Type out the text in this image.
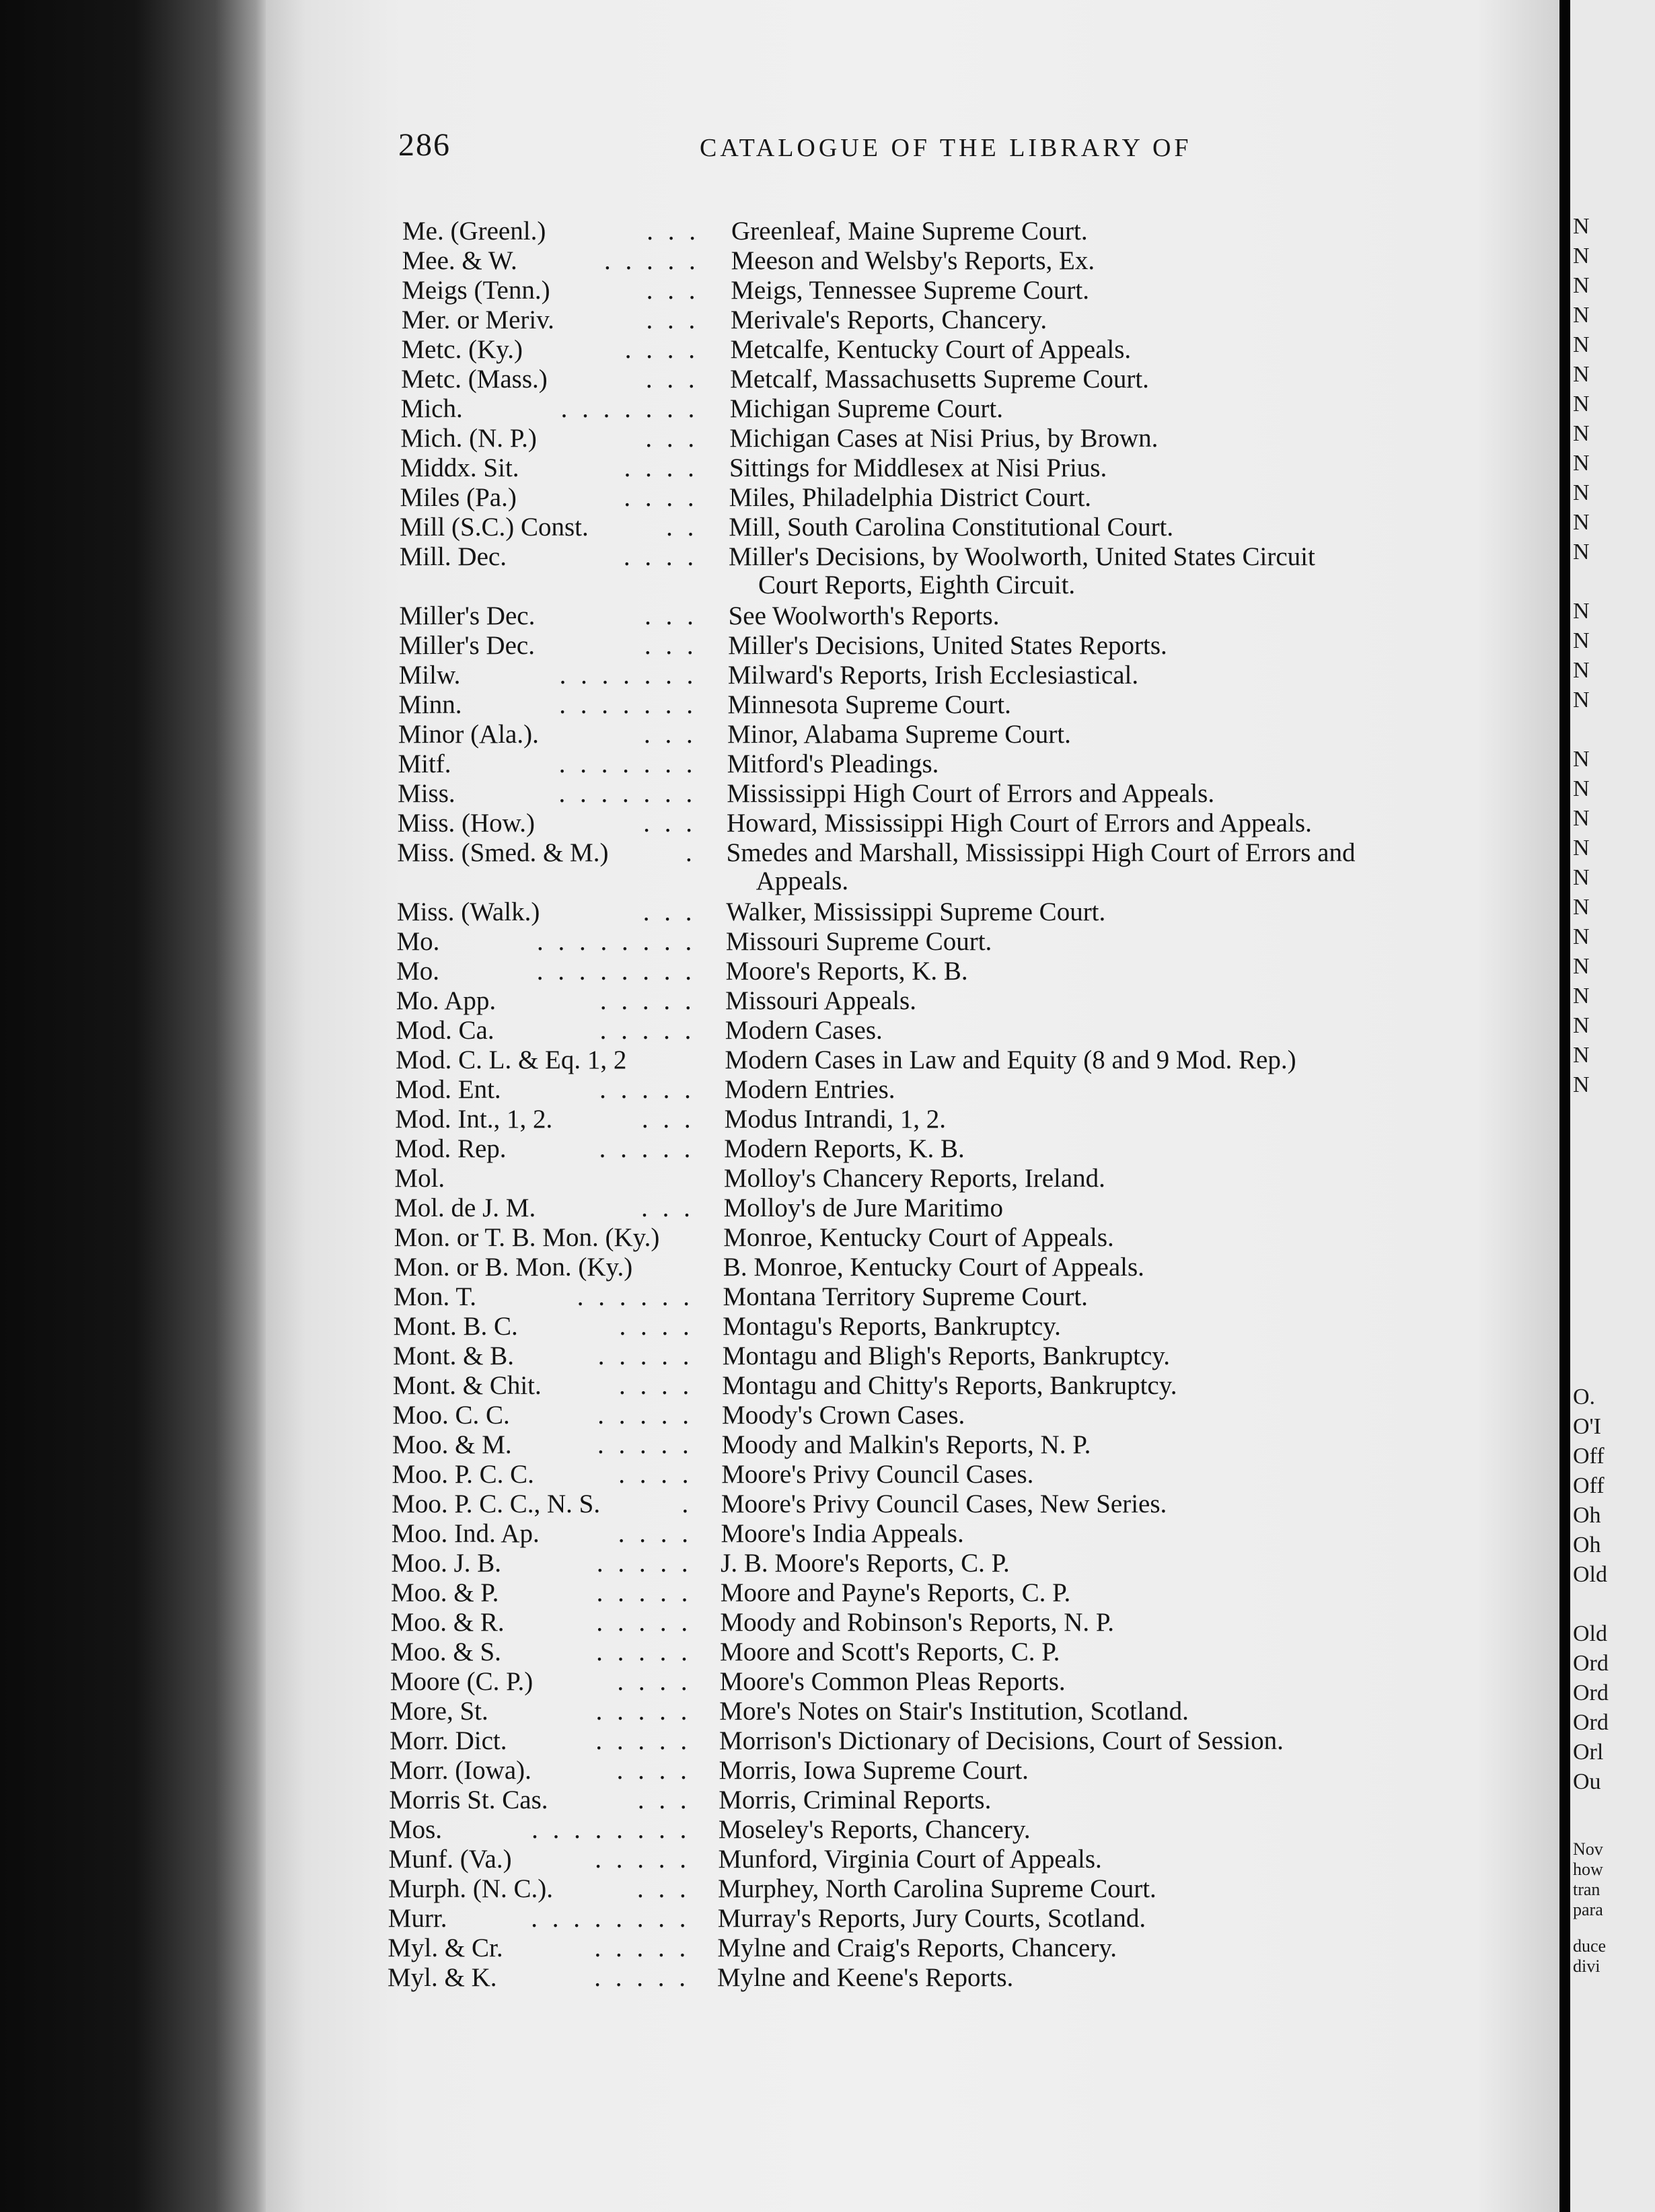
N
N
N
N
N
N
N
N
N
N
N
N
N
N
N
N
N
N
N
N
N
N
N
N
N
N
N
N
O.
O'I
Off
Off
Oh
Oh
Old
Old
Ord
Ord
Ord
Orl
Ou
Nov
how
tran
para
duce
divi
286	CATALOGUE OF THE LIBRARY OF
Me. (Greenl.)	. . . Greenleaf, Maine Supreme Court.
Mee. & W.	. . . . . Meeson and Welsby's Reports, Ex.
Meigs (Tenn.)	. . . Meigs, Tennessee Supreme Court.
Mer. or Meriv.	. . . Merivale's Reports, Chancery.
Metc. (Ky.)	. . . . Metcalfe, Kentucky Court of Appeals.
Metc. (Mass.)	. . . Metcalf, Massachusetts Supreme Court.
Mich.	. . . . . . . Michigan Supreme Court.
Mich. (N. P.)	. . . Michigan Cases at Nisi Prius, by Brown.
Middx. Sit.	. . . . Sittings for Middlesex at Nisi Prius.
Miles (Pa.)	. . . . Miles, Philadelphia District Court.
Mill (S.C.) Const.	. . Mill, South Carolina Constitutional Court.
Mill. Dec.	. . . . Miller's Decisions, by Woolworth, United States Circuit
Court Reports, Eighth Circuit.
Miller's Dec.	. . . See Woolworth's Reports.
Miller's Dec.	. . . Miller's Decisions, United States Reports.
Milw.	. . . . . . . Milward's Reports, Irish Ecclesiastical.
Minn.	. . . . . . . Minnesota Supreme Court.
Minor (Ala.).	. . . Minor, Alabama Supreme Court.
Mitf.	. . . . . . . Mitford's Pleadings.
Miss.	. . . . . . . Mississippi High Court of Errors and Appeals.
Miss. (How.)	. . . Howard, Mississippi High Court of Errors and Appeals.
Miss. (Smed. & M.)	. Smedes and Marshall, Mississippi High Court of Errors and
Appeals.
Miss. (Walk.)	. . . Walker, Mississippi Supreme Court.
Mo.	. . . . . . . . Missouri Supreme Court.
Mo.	. . . . . . . . Moore's Reports, K. B.
Mo. App.	. . . . . Missouri Appeals.
Mod. Ca.	. . . . . Modern Cases.
Mod. C. L. & Eq. 1, 2	Modern Cases in Law and Equity (8 and 9 Mod. Rep.)
Mod. Ent.	. . . . . Modern Entries.
Mod. Int., 1, 2.	. . . Modus Intrandi, 1, 2.
Mod. Rep.	. . . . . Modern Reports, K. B.
Mol.	Molloy's Chancery Reports, Ireland.
Mol. de J. M.	. . . Molloy's de Jure Maritimo
Mon. or T. B. Mon. (Ky.) Monroe, Kentucky Court of Appeals.
Mon. or B. Mon. (Ky.)	B. Monroe, Kentucky Court of Appeals.
Mon. T.	. . . . . . Montana Territory Supreme Court.
Mont. B. C.	. . . . Montagu's Reports, Bankruptcy.
Mont. & B.	. . . . . Montagu and Bligh's Reports, Bankruptcy.
Mont. & Chit.	. . . . Montagu and Chitty's Reports, Bankruptcy.
Moo. C. C.	. . . . . Moody's Crown Cases.
Moo. & M.	. . . . . Moody and Malkin's Reports, N. P.
Moo. P. C. C.	. . . . Moore's Privy Council Cases.
Moo. P. C. C., N. S.	. Moore's Privy Council Cases, New Series.
Moo. Ind. Ap.	. . . . Moore's India Appeals.
Moo. J. B.	. . . . . J. B. Moore's Reports, C. P.
Moo. & P.	. . . . . Moore and Payne's Reports, C. P.
Moo. & R.	. . . . . Moody and Robinson's Reports, N. P.
Moo. & S.	. . . . . Moore and Scott's Reports, C. P.
Moore (C. P.)	. . . . Moore's Common Pleas Reports.
More, St.	. . . . . More's Notes on Stair's Institution, Scotland.
Morr. Dict.	. . . . . Morrison's Dictionary of Decisions, Court of Session.
Morr. (Iowa).	. . . . Morris, Iowa Supreme Court.
Morris St. Cas.	. . . Morris, Criminal Reports.
Mos.	. . . . . . . . Moseley's Reports, Chancery.
Munf. (Va.)	. . . . . Munford, Virginia Court of Appeals.
Murph. (N. C.).	. . . Murphey, North Carolina Supreme Court.
Murr.	. . . . . . . . Murray's Reports, Jury Courts, Scotland.
Myl. & Cr.	. . . . . Mylne and Craig's Reports, Chancery.
Myl. & K.	. . . . . Mylne and Keene's Reports.
